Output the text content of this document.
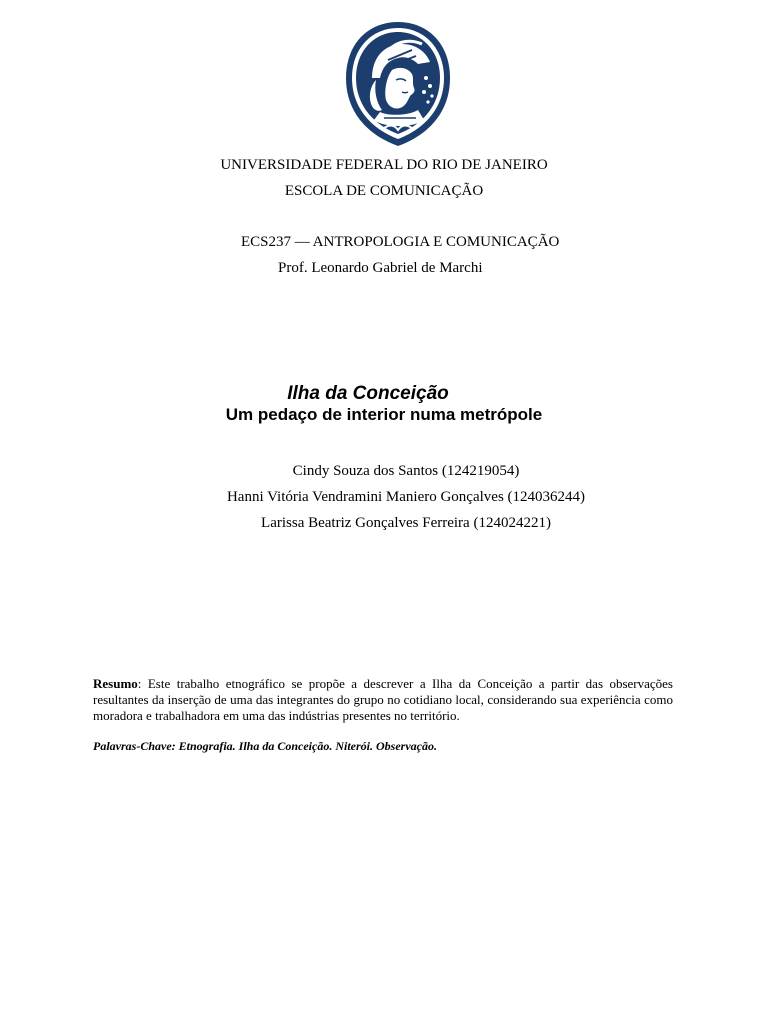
UNIVERSIDADE FEDERAL DO RIO DE JANEIRO
ESCOLA DE COMUNICAÇÃO
ECS237 — ANTROPOLOGIA E COMUNICAÇÃO
Prof. Leonardo Gabriel de Marchi
Ilha da Conceição
Um pedaço de interior numa metrópole
Cindy Souza dos Santos (124219054)
Hanni Vitória Vendramini Maniero Gonçalves (124036244)
Larissa Beatriz Gonçalves Ferreira (124024221)
Resumo: Este trabalho etnográfico se propõe a descrever a Ilha da Conceição a partir das observações resultantes da inserção de uma das integrantes do grupo no cotidiano local, considerando sua experiência como moradora e trabalhadora em uma das indústrias presentes no território.
Palavras-Chave: Etnografia. Ilha da Conceição. Niterói. Observação.
